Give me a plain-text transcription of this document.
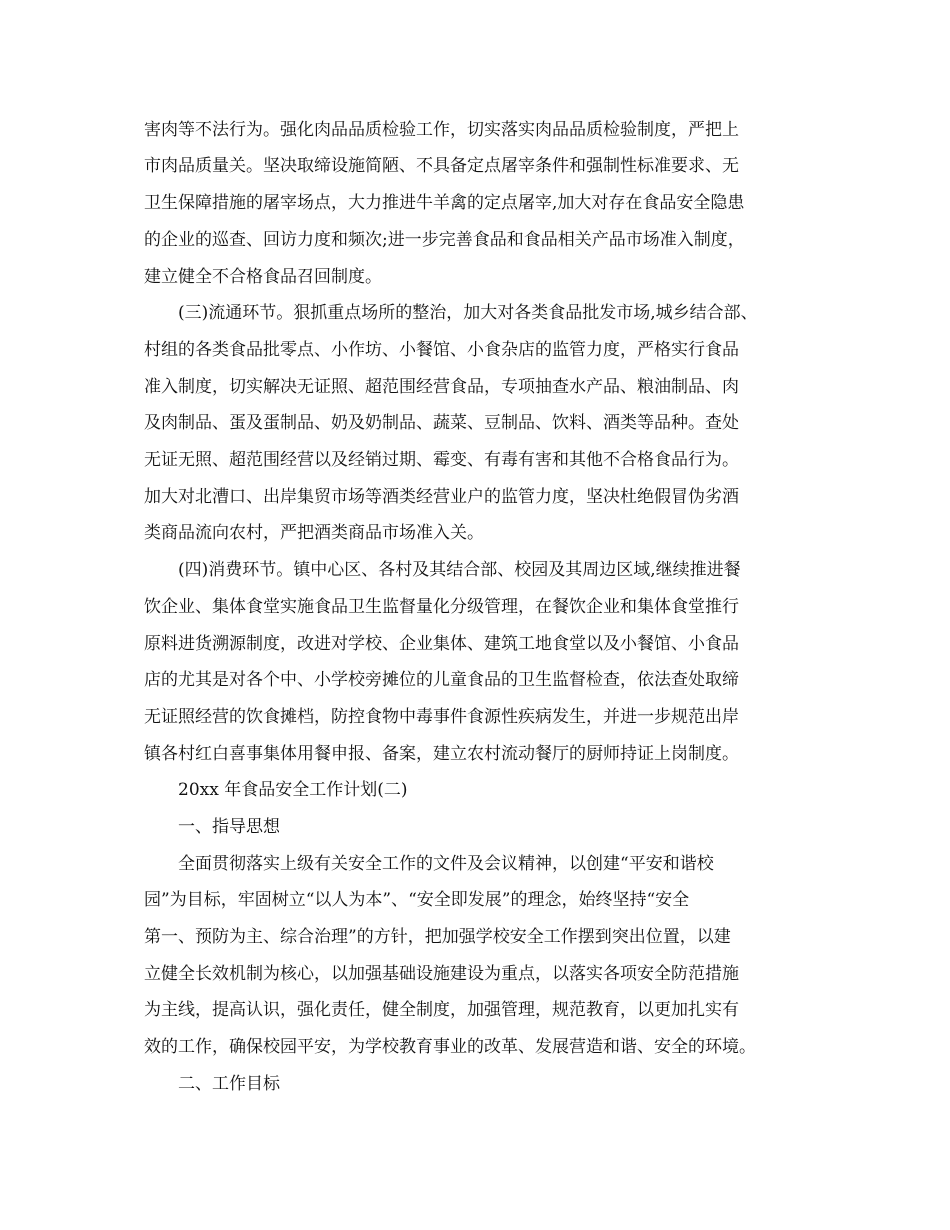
害肉等不法行为。强化肉品品质检验工作，切实落实肉品品质检验制度，严把上

市肉品质量关。坚决取缔设施简陋、不具备定点屠宰条件和强制性标准要求、无

卫生保障措施的屠宰场点，大力推进牛羊禽的定点屠宰,加大对存在食品安全隐患

的企业的巡查、回访力度和频次;进一步完善食品和食品相关产品市场准入制度，

建立健全不合格食品召回制度。

(三)流通环节。狠抓重点场所的整治，加大对各类食品批发市场,城乡结合部、

村组的各类食品批零点、小作坊、小餐馆、小食杂店的监管力度，严格实行食品

准入制度，切实解决无证照、超范围经营食品，专项抽查水产品、粮油制品、肉

及肉制品、蛋及蛋制品、奶及奶制品、蔬菜、豆制品、饮料、酒类等品种。查处

无证无照、超范围经营以及经销过期、霉变、有毒有害和其他不合格食品行为。

加大对北漕口、出岸集贸市场等酒类经营业户的监管力度，坚决杜绝假冒伪劣酒

类商品流向农村，严把酒类商品市场准入关。

(四)消费环节。镇中心区、各村及其结合部、校园及其周边区域,继续推进餐

饮企业、集体食堂实施食品卫生监督量化分级管理，在餐饮企业和集体食堂推行

原料进货溯源制度，改进对学校、企业集体、建筑工地食堂以及小餐馆、小食品

店的尤其是对各个中、小学校旁摊位的儿童食品的卫生监督检查，依法查处取缔

无证照经营的饮食摊档，防控食物中毒事件食源性疾病发生，并进一步规范出岸

镇各村红白喜事集体用餐申报、备案，建立农村流动餐厅的厨师持证上岗制度。

20xx 年食品安全工作计划(二)

一、指导思想

全面贯彻落实上级有关安全工作的文件及会议精神，以创建“平安和谐校

园”为目标，牢固树立“以人为本”、“安全即发展”的理念，始终坚持“安全

第一、预防为主、综合治理”的方针，把加强学校安全工作摆到突出位置，以建

立健全长效机制为核心，以加强基础设施建设为重点，以落实各项安全防范措施

为主线，提高认识，强化责任，健全制度，加强管理，规范教育，以更加扎实有

效的工作，确保校园平安，为学校教育事业的改革、发展营造和谐、安全的环境。

二、工作目标
